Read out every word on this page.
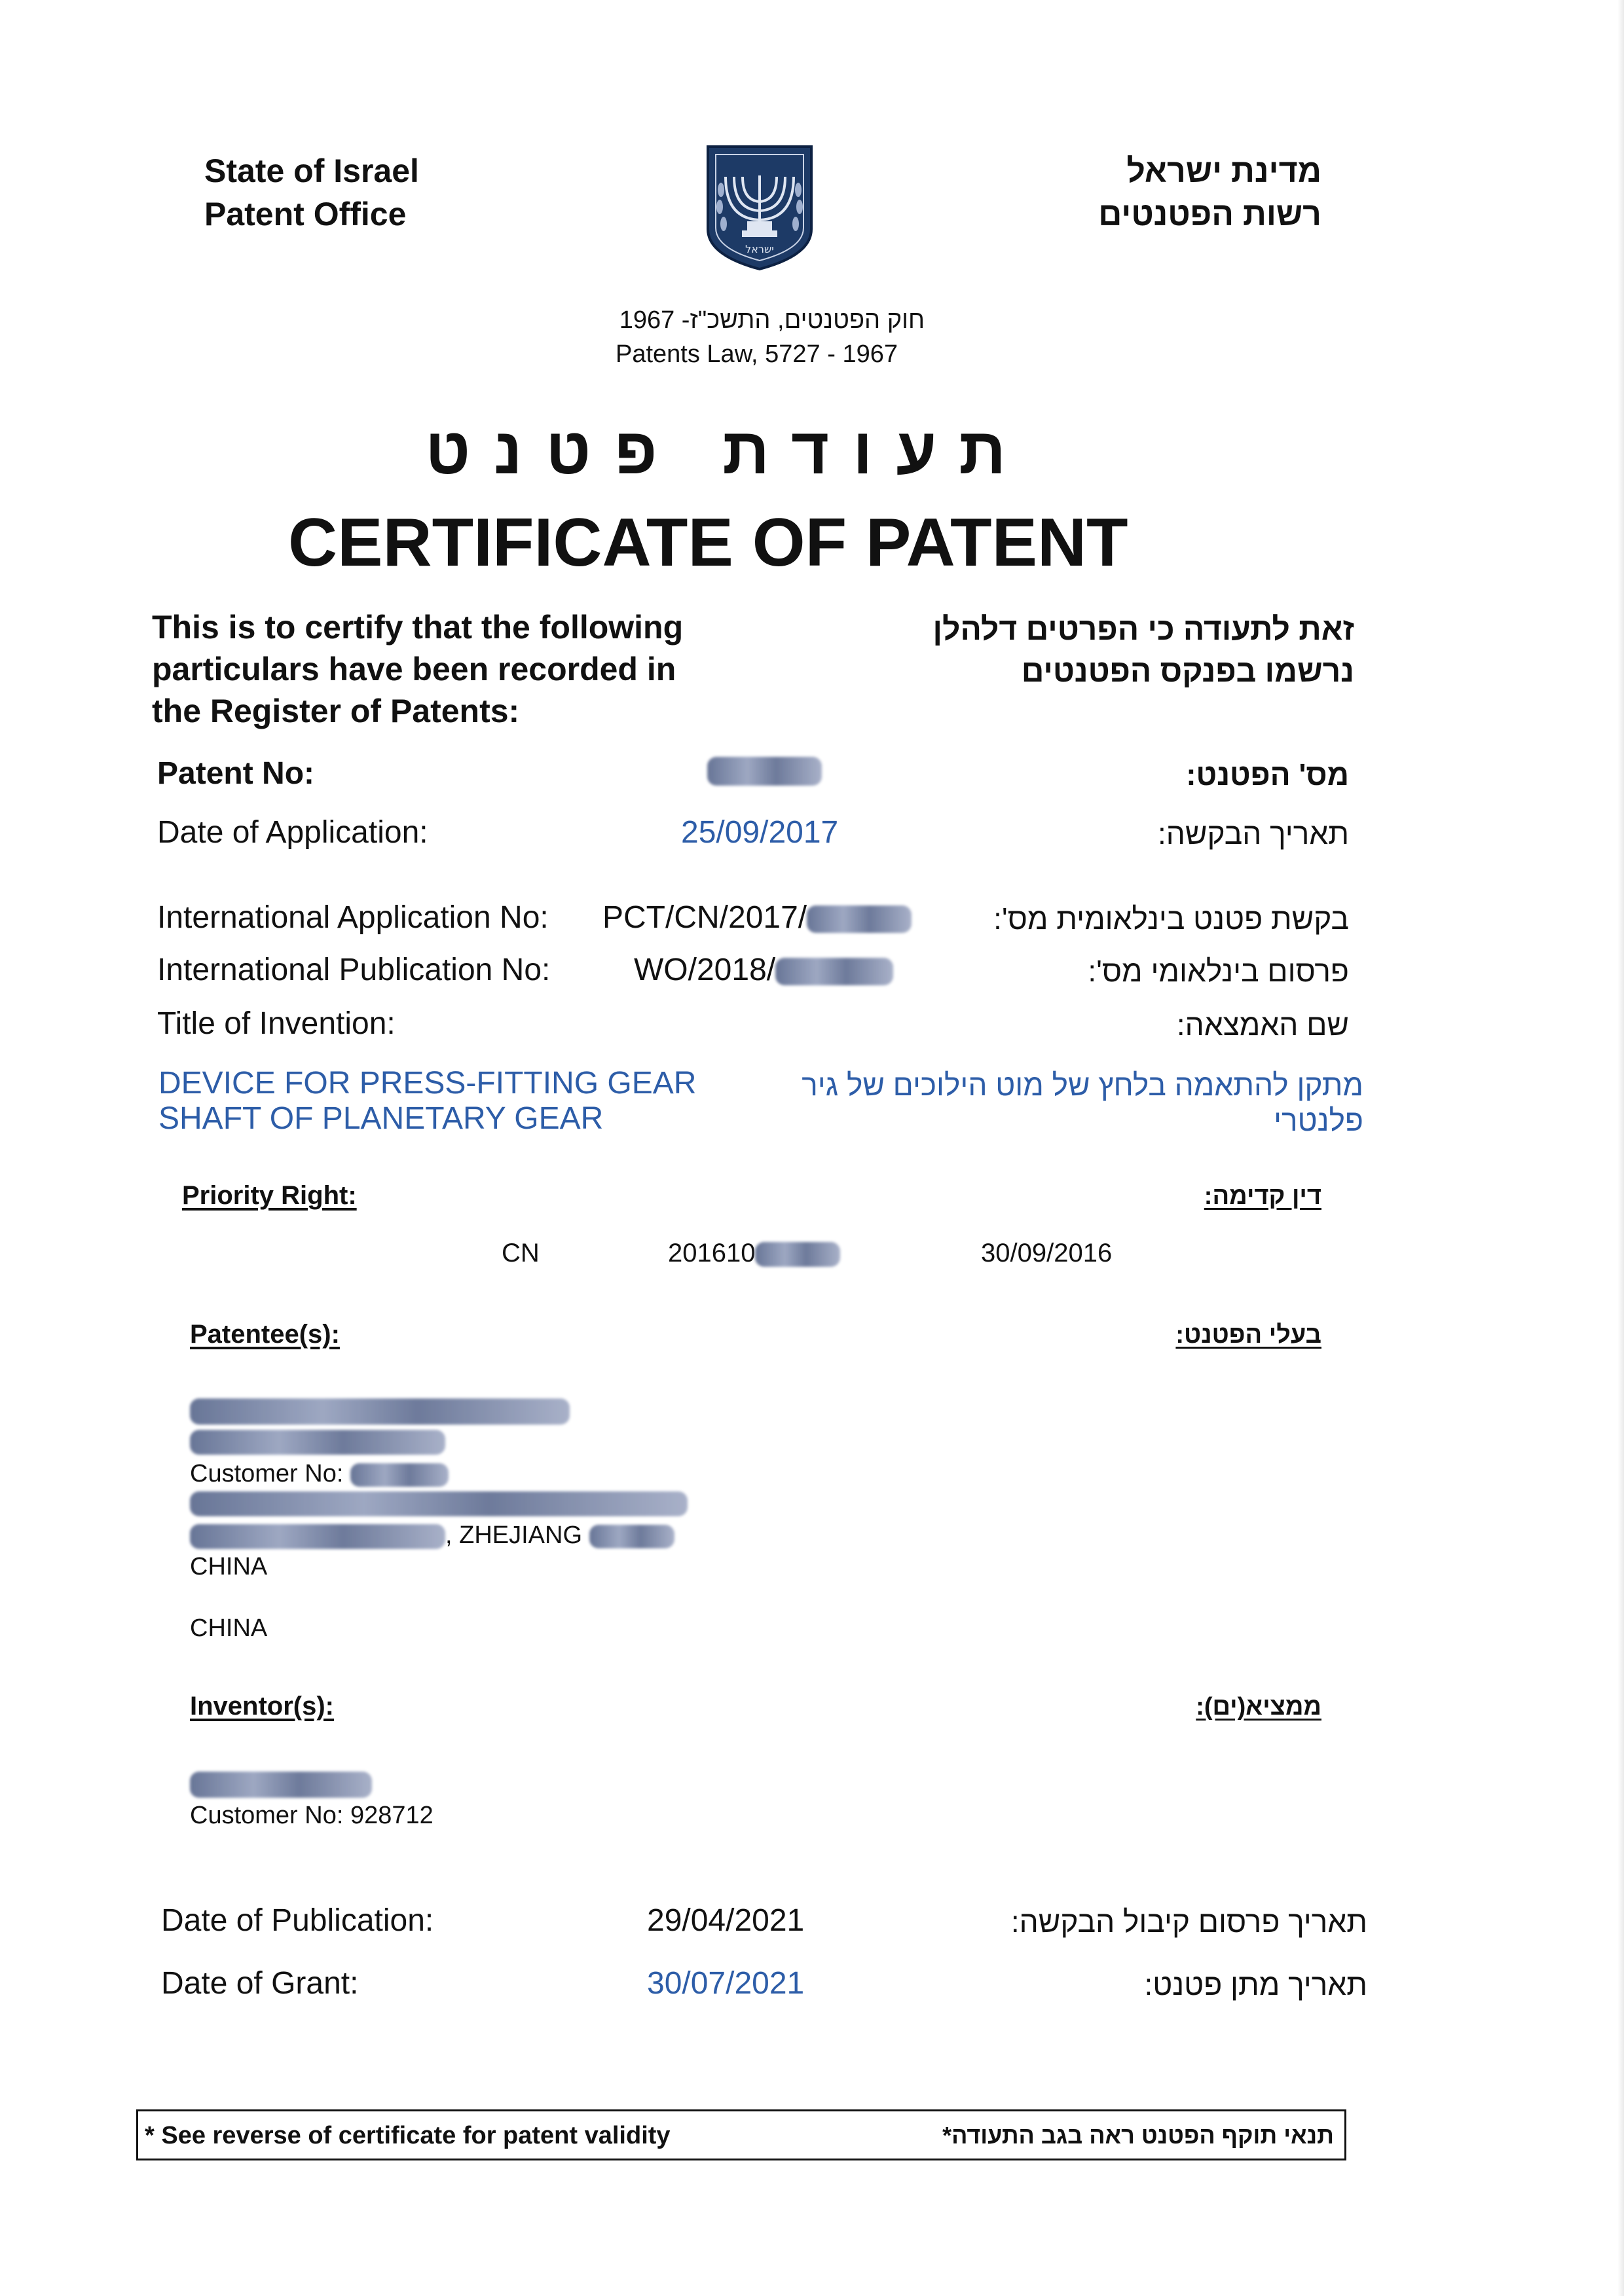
State of Israel
Patent Office
ישראל
מדינת ישראל
רשות הפטנטים
חוק הפטנטים, התשכ"ז- 1967
Patents Law, 5727 - 1967
תעודת פטנט
CERTIFICATE OF PATENT
This is to certify that the following
particulars have been recorded in
the Register of Patents:
זאת לתעודה כי הפרטים דלהלן
נרשמו בפנקס הפטנטים
Patent No:	מס' הפטנט:
Date of Application:	25/09/2017	תאריך הבקשה:
International Application No: PCT/CN/2017/	בקשת פטנט בינלאומית מס':
International Publication No:	WO/2018/	פרסום בינלאומי מס':
Title of Invention:	שם האמצאה:
DEVICE FOR PRESS-FITTING GEAR
SHAFT OF PLANETARY GEAR
מתקן להתאמה בלחץ של מוט הילוכים של גיר
פלנטרי
Priority Right:	דין קדימה:
CN	201610	30/09/2016
Patentee(s):	בעלי הפטנט:
Customer No:
, ZHEJIANG
CHINA
CHINA
Inventor(s):	ממציא(ים):
Customer No: 928712
Date of Publication:	29/04/2021	תאריך פרסום קיבול הבקשה:
Date of Grant:	30/07/2021	תאריך מתן פטנט:
* See reverse of certificate for patent validity	תנאי תוקף הפטנט ראה בגב התעודה*
